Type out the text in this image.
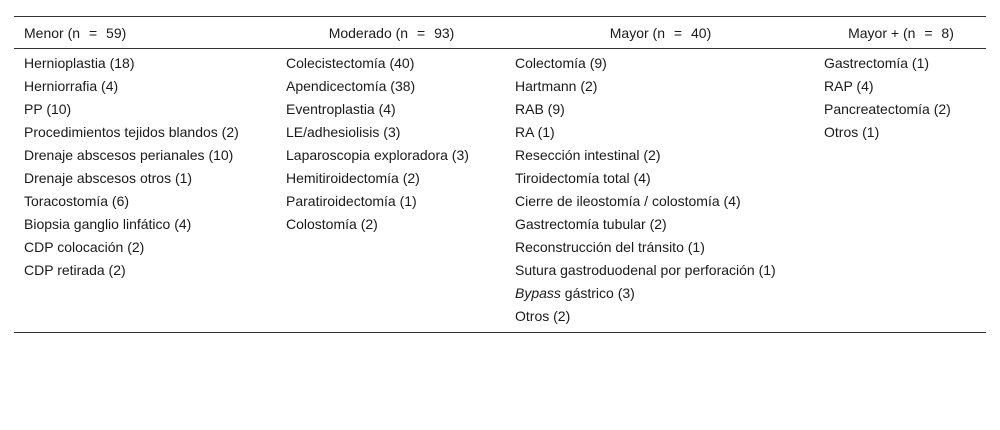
Menor (n = 59)	Moderado (n = 93)	Mayor (n = 40)	Mayor + (n = 8)
Hernioplastia (18)	Colecistectomía (40)	Colectomía (9)	Gastrectomía (1)
Herniorrafia (4)	Apendicectomía (38)	Hartmann (2)	RAP (4)
PP (10)	Eventroplastia (4)	RAB (9)	Pancreatectomía (2)
Procedimientos tejidos blandos (2)	LE/adhesiolisis (3)	RA (1)	Otros (1)
Drenaje abscesos perianales (10)	Laparoscopia exploradora (3)	Resección intestinal (2)	
Drenaje abscesos otros (1)	Hemitiroidectomía (2)	Tiroidectomía total (4)	
Toracostomía (6)	Paratiroidectomía (1)	Cierre de ileostomía / colostomía (4)	
Biopsia ganglio linfático (4)	Colostomía (2)	Gastrectomía tubular (2)	
CDP colocación (2)		Reconstrucción del tránsito (1)	
CDP retirada (2)		Sutura gastroduodenal por perforación (1)	
		Bypass gástrico (3)	
		Otros (2)	
